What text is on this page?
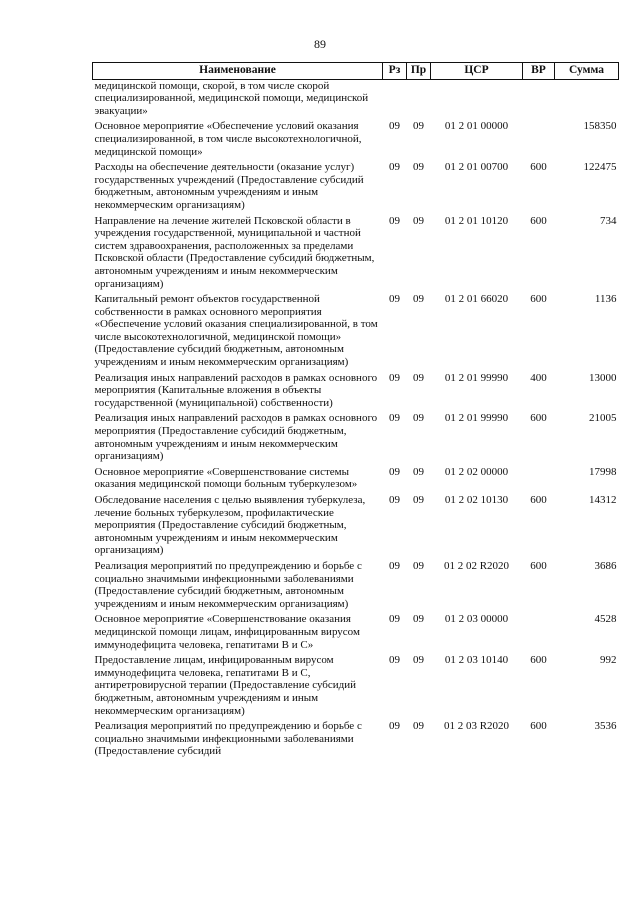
89
Наименование	Рз	Пр	ЦСР	ВР	Сумма
медицинской помощи, скорой, в том числе скорой специализированной, медицинской помощи, медицинской эвакуации»					
Основное мероприятие «Обеспечение условий оказания специализированной, в том числе высокотехнологичной, медицинской помощи»	09	09	01 2 01 00000		158350
Расходы на обеспечение деятельности (оказание услуг) государственных учреждений (Предоставление субсидий бюджетным, автономным учреждениям и иным некоммерческим организациям)	09	09	01 2 01 00700	600	122475
Направление на лечение жителей Псковской области в учреждения государственной, муниципальной и частной систем здравоохранения, расположенных за пределами Псковской области (Предоставление субсидий бюджетным, автономным учреждениям и иным некоммерческим организациям)	09	09	01 2 01 10120	600	734
Капитальный ремонт объектов государственной собственности в рамках основного мероприятия «Обеспечение условий оказания специализированной, в том числе высокотехнологичной, медицинской помощи» (Предоставление субсидий бюджетным, автономным учреждениям и иным некоммерческим организациям)	09	09	01 2 01 66020	600	1136
Реализация иных направлений расходов в рамках основного мероприятия (Капитальные вложения в объекты государственной (муниципальной) собственности)	09	09	01 2 01 99990	400	13000
Реализация иных направлений расходов в рамках основного мероприятия (Предоставление субсидий бюджетным, автономным учреждениям и иным некоммерческим организациям)	09	09	01 2 01 99990	600	21005
Основное мероприятие «Совершенствование системы оказания медицинской помощи больным туберкулезом»	09	09	01 2 02 00000		17998
Обследование населения с целью выявления туберкулеза, лечение больных туберкулезом, профилактические мероприятия (Предоставление субсидий бюджетным, автономным учреждениям и иным некоммерческим организациям)	09	09	01 2 02 10130	600	14312
Реализация мероприятий по предупреждению и борьбе с социально значимыми инфекционными заболеваниями (Предоставление субсидий бюджетным, автономным учреждениям и иным некоммерческим организациям)	09	09	01 2 02 R2020	600	3686
Основное мероприятие «Совершенствование оказания медицинской помощи лицам, инфицированным вирусом иммунодефицита человека, гепатитами В и С»	09	09	01 2 03 00000		4528
Предоставление лицам, инфицированным вирусом иммунодефицита человека, гепатитами В и С, антиретровирусной терапии (Предоставление субсидий бюджетным, автономным учреждениям и иным некоммерческим организациям)	09	09	01 2 03 10140	600	992
Реализация мероприятий по предупреждению и борьбе с социально значимыми инфекционными заболеваниями (Предоставление субсидий	09	09	01 2 03 R2020	600	3536
